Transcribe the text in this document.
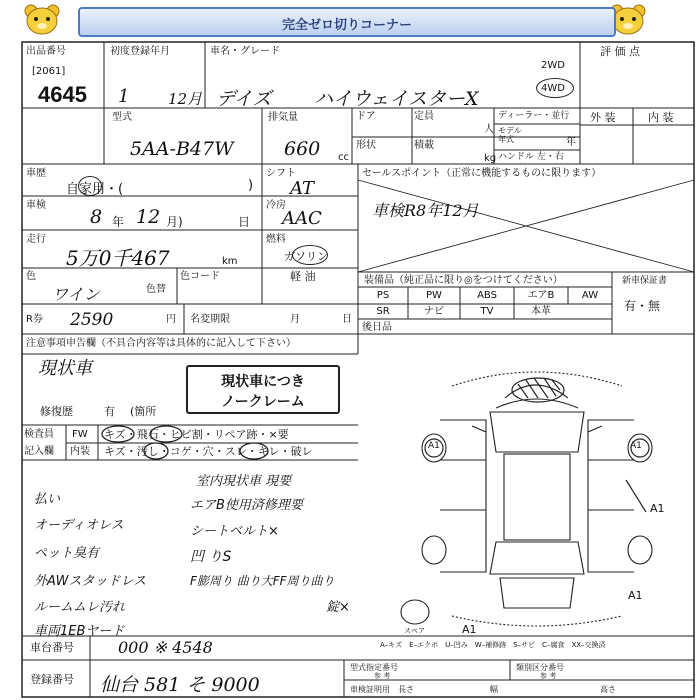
完全ゼロ切りコーナー
出品番号
[2061]
4645
初度登録年月
1	12月
車名・グレード
デイズ ハイウェイスターX
2WD
4WD
評 価 点
外 装	内 装
型式
5AA-B47W
排気量
660 cc
ドア	定員
人
ディーラー・並行
モデル
年式	年
形状	積載
kg ハンドル 左・右
車歴
自家用・(	)
シフト
AT
セールスポイント（正常に機能するものに限ります）
車検R8年12月
車検
8 年 12 月)	日
冷房
AAC
走行
5万0千467	km
燃料
ガソリン
軽 油
色
ワイン	色替
色コード
R券 2590	円 名変期限	月	日
装備品（純正品に限り◎をつけてください）	新車保証書
有・無
PS	PW	ABS	エアB	AW
SR	ナビ	TV	本革
後日品
注意事項申告欄（不具合内容等は具体的に記入して下さい）
現状車
現状車につき
ノークレーム
修復歴	有 (箇所
検査員
記入欄
FW キズ・飛石・ヒビ割・リペア跡・×要
内装 キズ・汚し・コゲ・穴・スレ・キレ・破レ
払い
オーディオレス
ペット臭有
外AWスタッドレス
ルームムレ汚れ
車両1EBヤード
室内現状車 現要
エアB使用済修理要
シートベルト×
凹 りS
F膨周り 曲り大FF周り曲り
錠×
A1	A1
A1
A1
A1
スペア
A–キズ　E–エクボ　U–凹み　W–補修跡　S–サビ　C–腐食　XX–交換済
車台番号	000 ※ 4548
登録番号 仙台 581 そ 9000
型式指定番号	類別区分番号
参 考	参 考
車検証明用 長さ	幅	高さ
